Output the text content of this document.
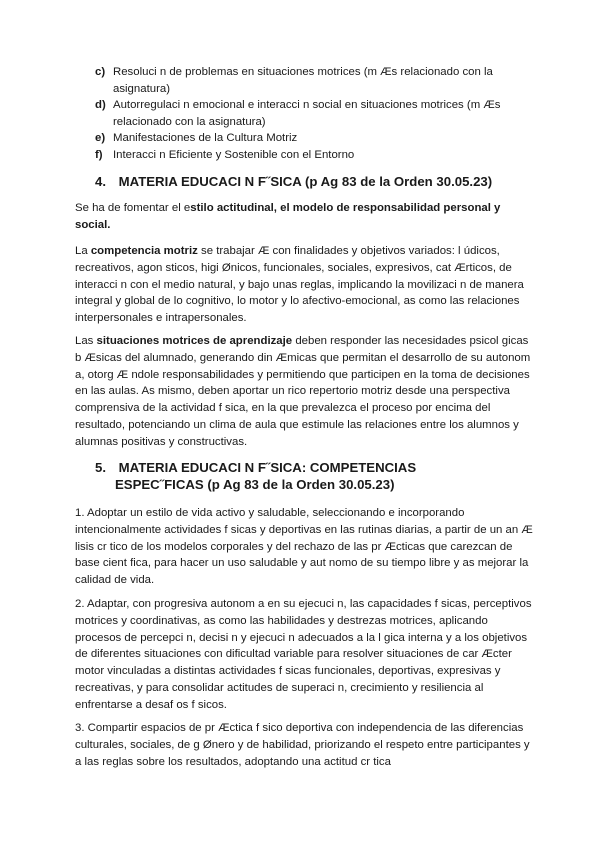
c) Resoluci n de problemas en situaciones motrices (m Æs relacionado con la asignatura)
d) Autorregulaci n emocional e interacci n social en situaciones motrices (m Æs relacionado con la asignatura)
e) Manifestaciones de la Cultura Motriz
f) Interacci n Eficiente y Sostenible con el Entorno
4. MATERIA EDUCACI N F˝SICA (p Ag 83 de la Orden 30.05.23)

Se ha de fomentar el estilo actitudinal, el modelo de responsabilidad personal y social.

La competencia motriz se trabajar Æ con finalidades y objetivos variados: l údicos, recreativos, agon sticos, higi Ønicos, funcionales, sociales, expresivos, cat Ærticos, de interacci n con el medio natural, y bajo unas reglas, implicando la movilizaci n de manera integral y global de lo cognitivo, lo motor y lo afectivo-emocional, as como las relaciones interpersonales e intrapersonales.

Las situaciones motrices de aprendizaje deben responder las necesidades psicol gicas b Æsicas del alumnado, generando din Æmicas que permitan el desarrollo de su autonom a, otorg Æ ndole responsabilidades y permitiendo que participen en la toma de decisiones en las aulas. As mismo, deben aportar un rico repertorio motriz desde una perspectiva comprensiva de la actividad f sica, en la que prevalezca el proceso por encima del resultado, potenciando un clima de aula que estimule las relaciones entre los alumnos y alumnas positivas y constructivas.

5. MATERIA EDUCACI N F˝SICA: COMPETENCIAS
ESPEC˝FICAS (p Ag 83 de la Orden 30.05.23)

1. Adoptar un estilo de vida activo y saludable, seleccionando e incorporando intencionalmente actividades f sicas y deportivas en las rutinas diarias, a partir de un an Æ lisis cr tico de los modelos corporales y del rechazo de las pr Æcticas que carezcan de base cient fica, para hacer un uso saludable y aut nomo de su tiempo libre y as mejorar la calidad de vida.

2. Adaptar, con progresiva autonom a en su ejecuci n, las capacidades f sicas, perceptivos motrices y coordinativas, as como las habilidades y destrezas motrices, aplicando procesos de percepci n, decisi n y ejecuci n adecuados a la l gica interna y a los objetivos de diferentes situaciones con dificultad variable para resolver situaciones de car Æcter motor vinculadas a distintas actividades f sicas funcionales, deportivas, expresivas y recreativas, y para consolidar actitudes de superaci n, crecimiento y resiliencia al enfrentarse a desaf os f sicos.

3. Compartir espacios de pr Æctica f sico deportiva con independencia de las diferencias culturales, sociales, de g Ønero y de habilidad, priorizando el respeto entre participantes y a las reglas sobre los resultados, adoptando una actitud cr tica
